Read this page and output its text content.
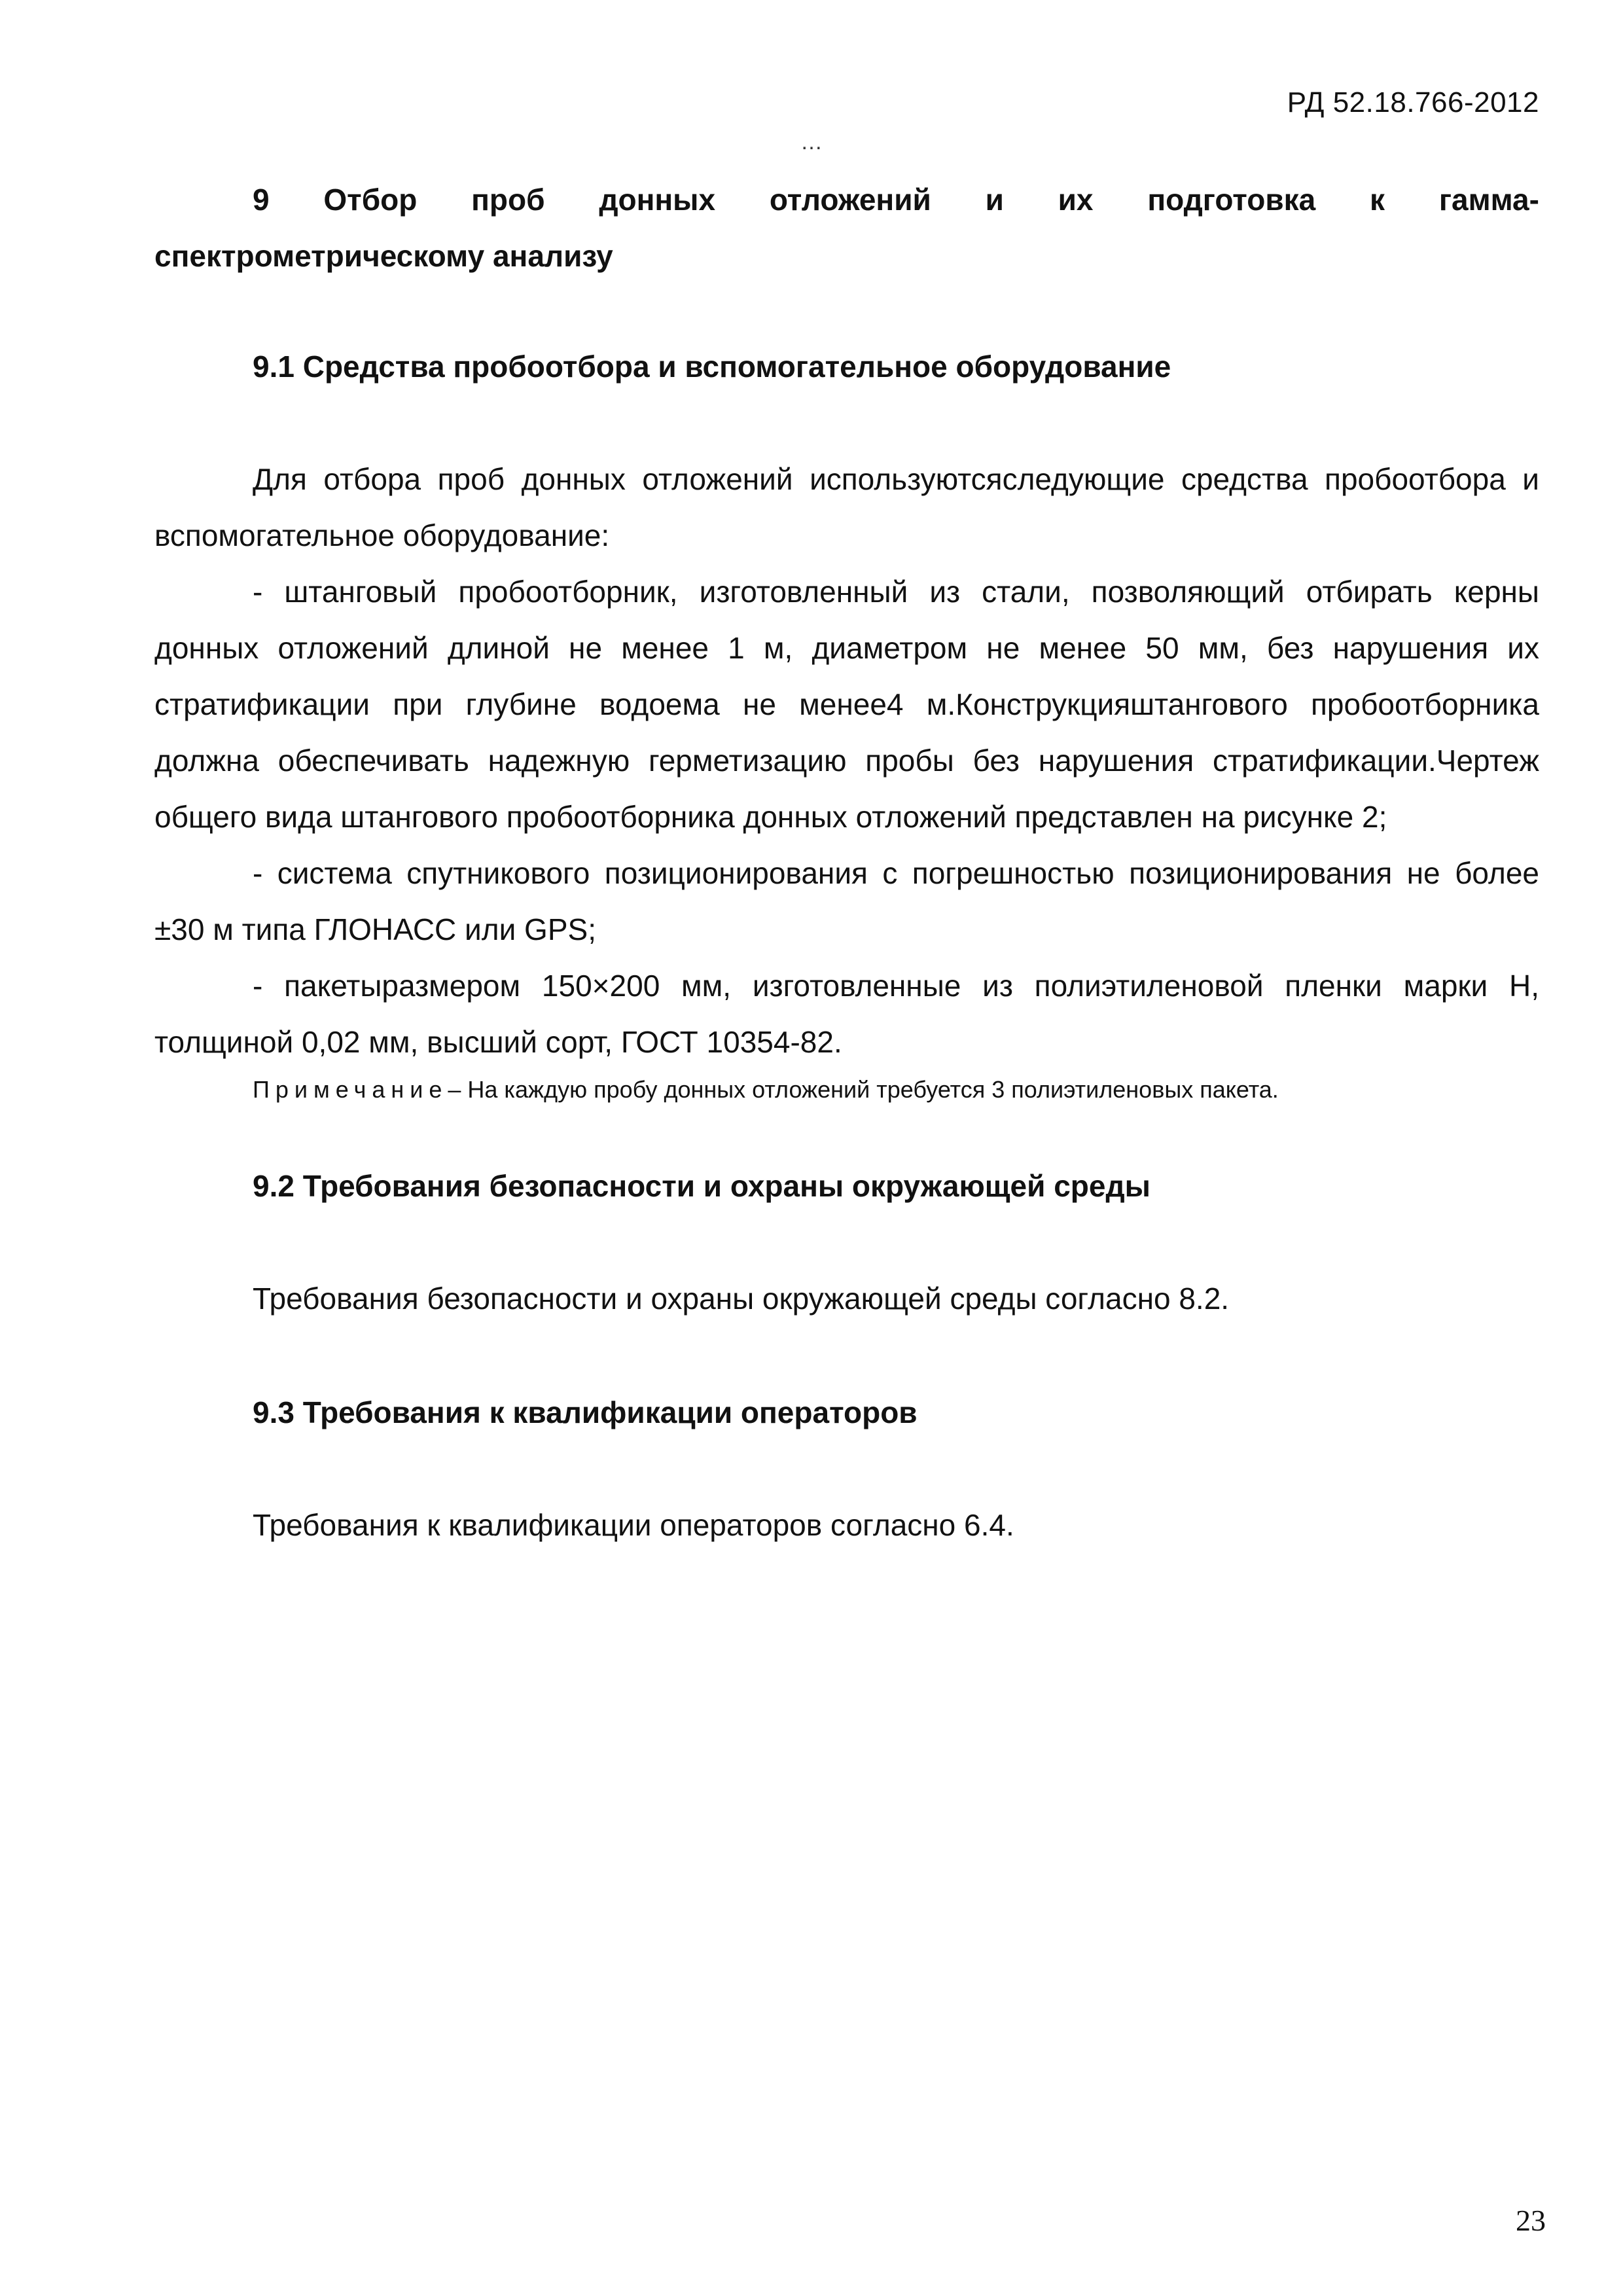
РД 52.18.766-2012
…
9 Отбор проб донных отложений и их подготовка к гамма-
спектрометрическому анализу
9.1 Средства пробоотбора и вспомогательное оборудование

Для отбора проб донных отложений используютсяследующие средства пробоотбора и вспомогательное оборудование:

- штанговый пробоотборник, изготовленный из стали, позволяющий отбирать керны донных отложений длиной не менее 1 м, диаметром не менее 50 мм, без нарушения их стратификации при глубине водоема не менее4 м.Конструкцияштангового пробоотборника должна обеспечивать надежную герметизацию пробы без нарушения стратификации.Чертеж общего вида штангового пробоотборника донных отложений представлен на рисунке 2;

- система спутникового позиционирования с погрешностью позиционирования не более ±30 м типа ГЛОНАСС или GPS;

- пакетыразмером 150×200 мм, изготовленные из полиэтиленовой пленки марки Н, толщиной 0,02 мм, высший сорт, ГОСТ 10354-82.

Примечание– На каждую пробу донных отложений требуется 3 полиэтиленовых пакета.

9.2 Требования безопасности и охраны окружающей среды

Требования безопасности и охраны окружающей среды согласно 8.2.

9.3 Требования к квалификации операторов

Требования к квалификации операторов согласно 6.4.

23
